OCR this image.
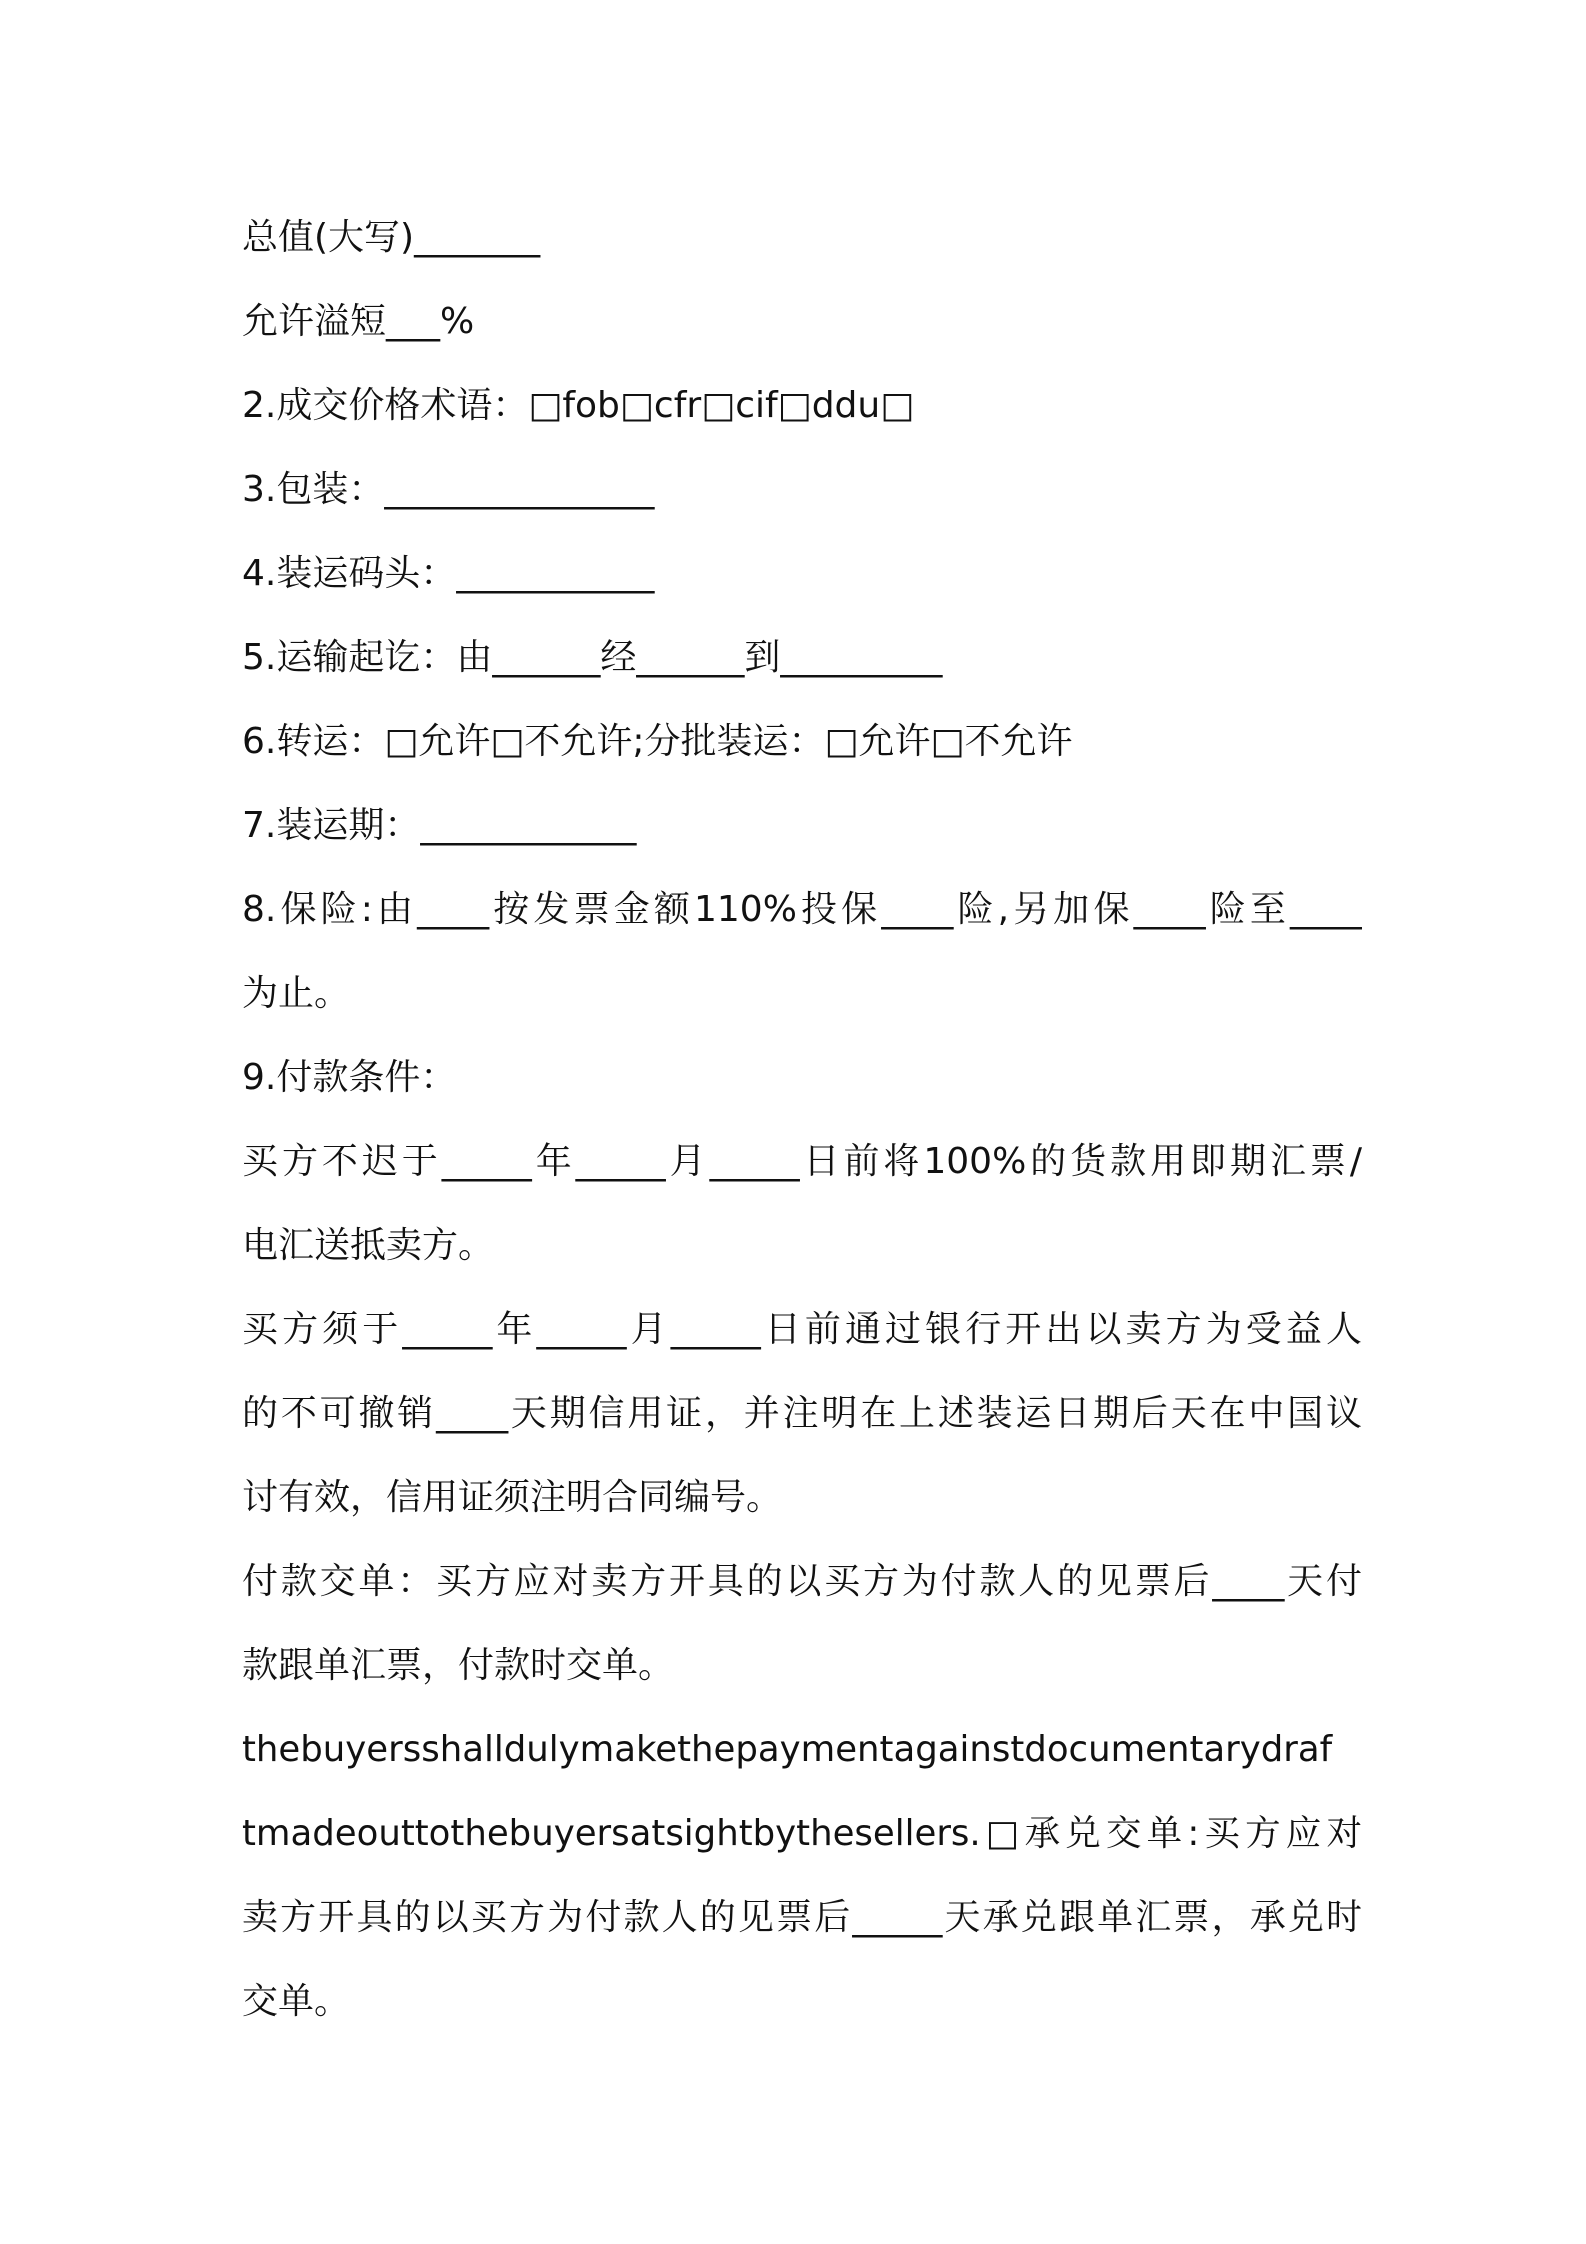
总值(大写)_______
允许溢短___%
2.成交价格术语：□fob□cfr□cif□ddu□
3.包装：_______________
4.装运码头：___________
5.运输起讫：由______经______到_________
6.转运：□允许□不允许;分批装运：□允许□不允许
7.装运期：____________
8.保险:由____按发票金额110%投保____险,另加保____险至____
为止。
9.付款条件：
买方不迟于_____年_____月_____日前将100%的货款用即期汇票/
电汇送抵卖方。
买方须于_____年_____月_____日前通过银行开出以卖方为受益人
的不可撤销____天期信用证，并注明在上述装运日期后天在中国议
讨有效，信用证须注明合同编号。
付款交单：买方应对卖方开具的以买方为付款人的见票后____天付
款跟单汇票，付款时交单。
thebuyersshalldulymakethepaymentagainstdocumentarydraf
tmadeouttothebuyersatsightbythesellers.□承兑交单:买方应对
卖方开具的以买方为付款人的见票后_____天承兑跟单汇票，承兑时
交单。
